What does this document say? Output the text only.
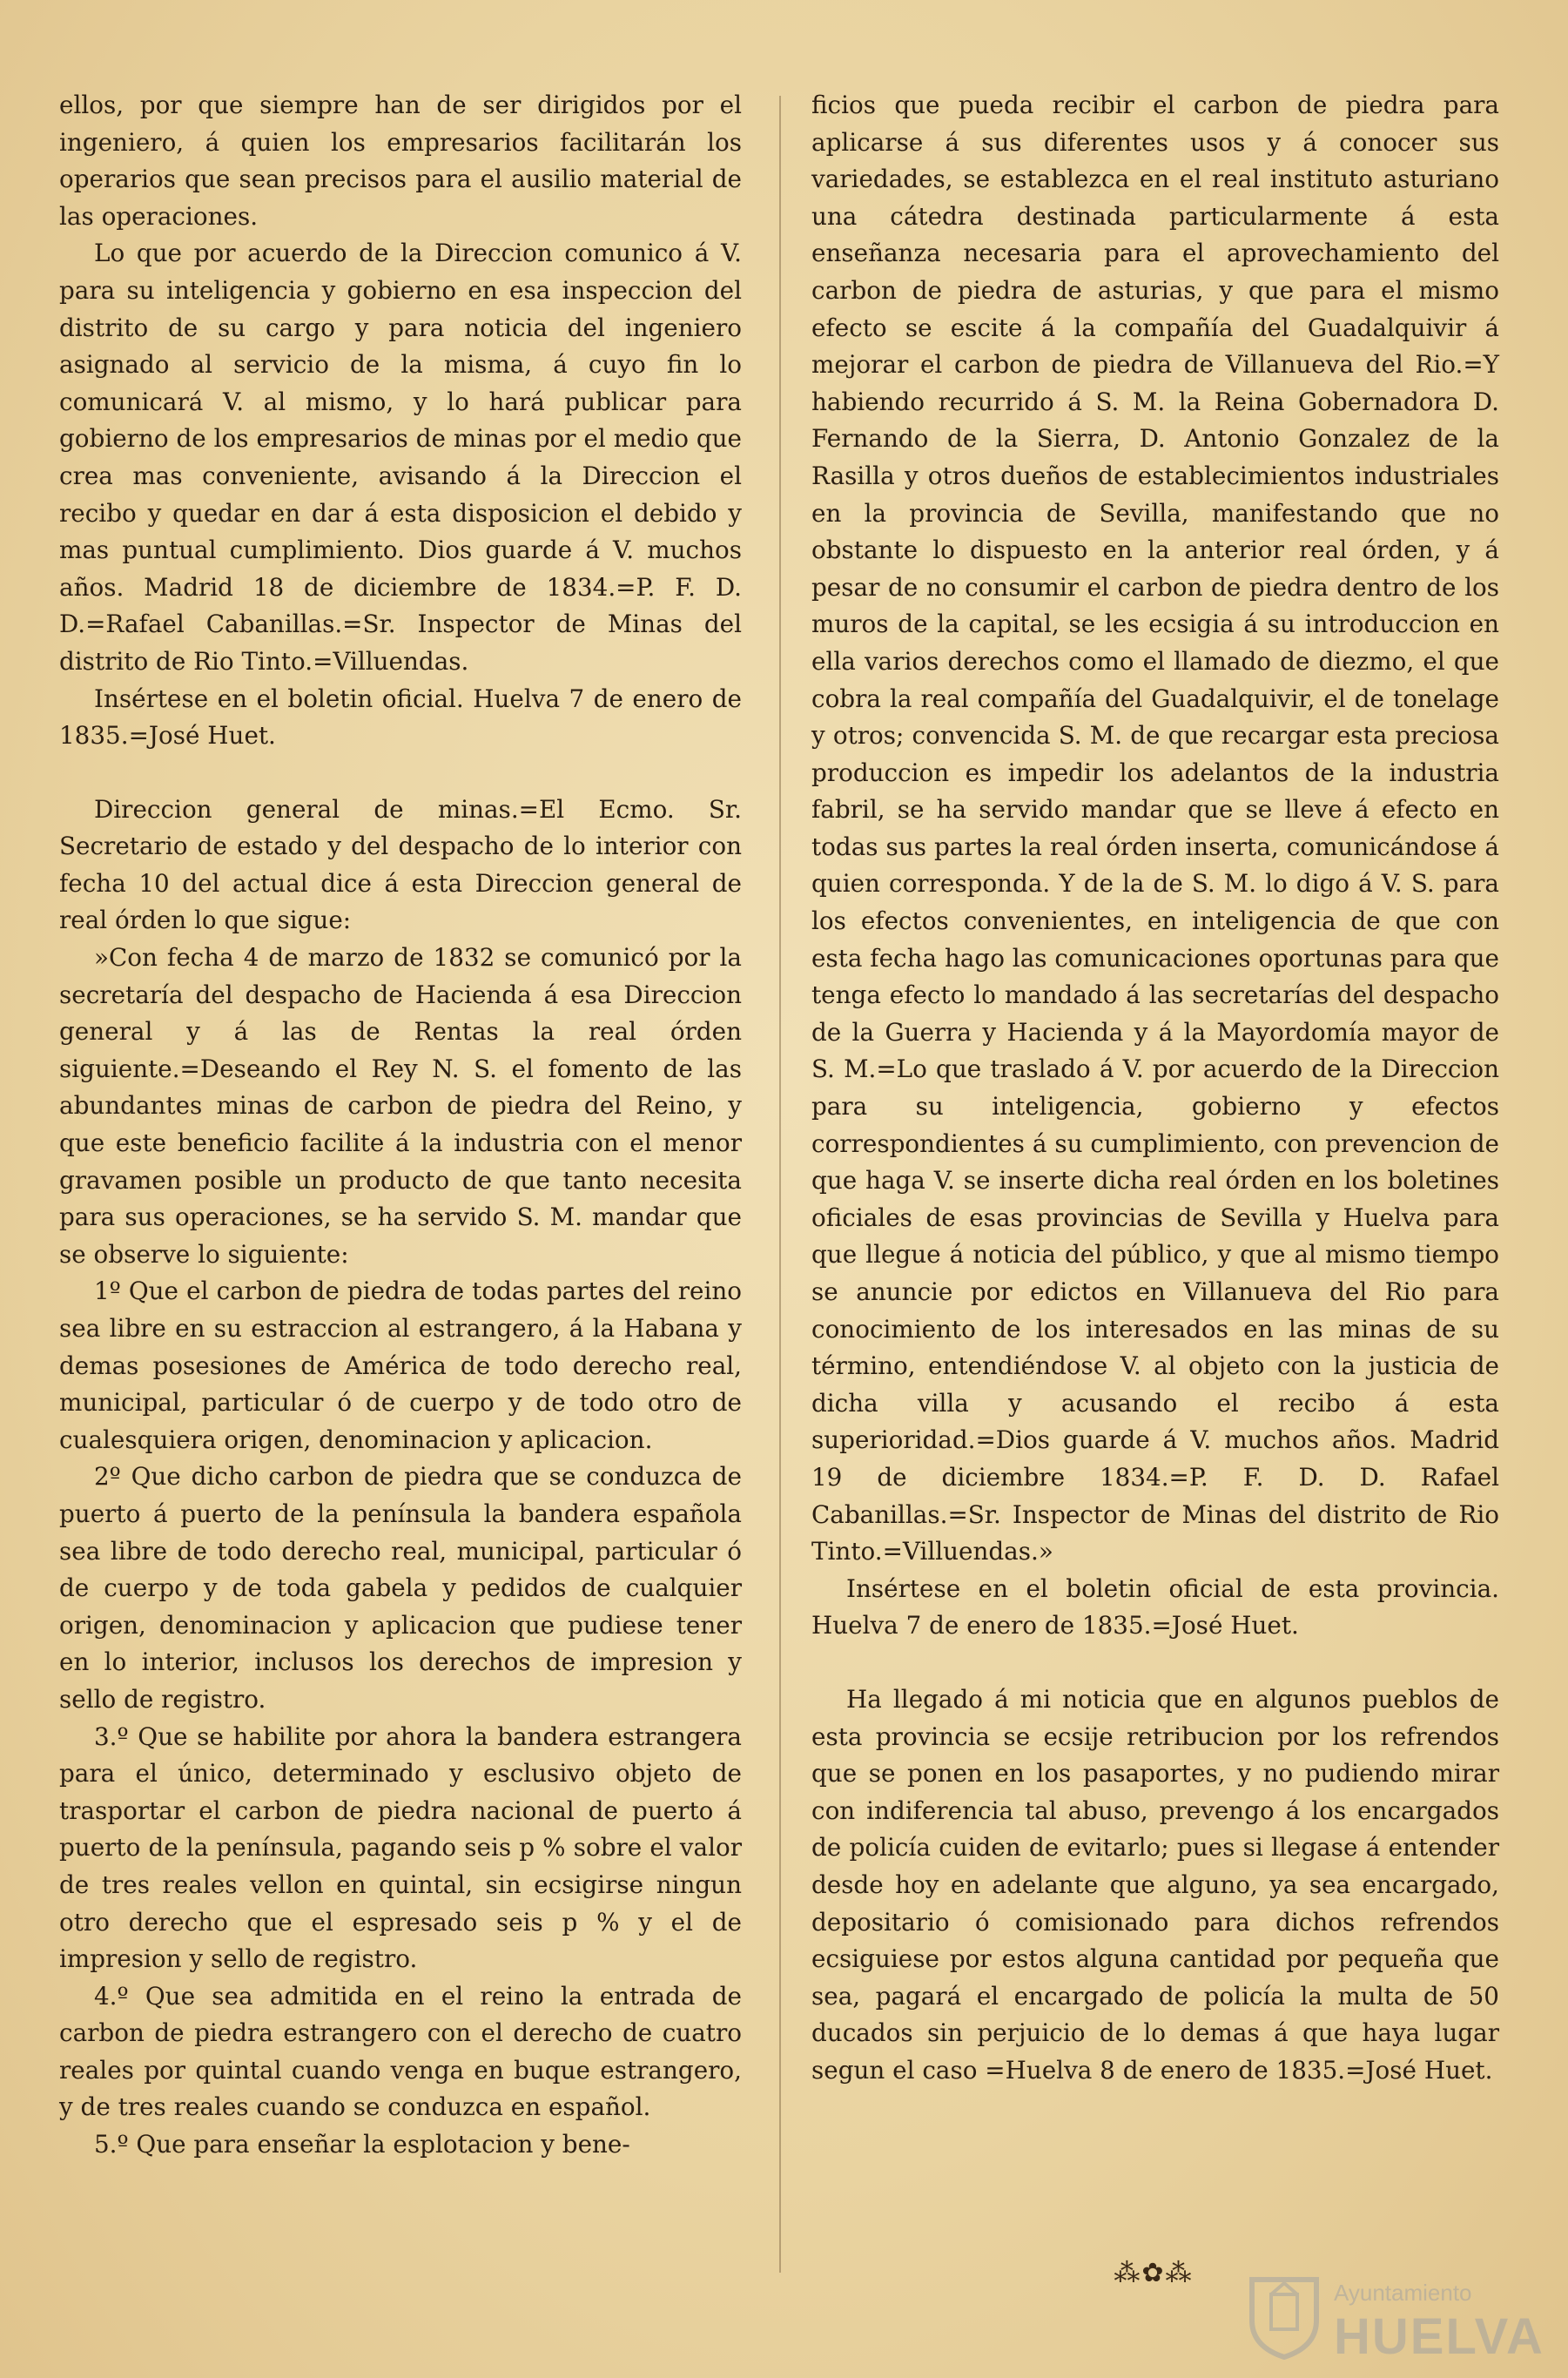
ellos, por que siempre han de ser dirigidos por el ingeniero, á quien los empresarios facilitarán los operarios que sean precisos para el ausilio material de las operaciones.

Lo que por acuerdo de la Direccion comunico á V. para su inteligencia y gobierno en esa inspeccion del distrito de su cargo y para noticia del ingeniero asignado al servicio de la misma, á cuyo fin lo comunicará V. al mismo, y lo hará publicar para gobierno de los empresarios de minas por el medio que crea mas conveniente, avisando á la Direccion el recibo y quedar en dar á esta disposicion el debido y mas puntual cumplimiento. Dios guarde á V. muchos años. Madrid 18 de diciembre de 1834.=P. F. D. D.=Rafael Cabanillas.=Sr. Inspector de Minas del distrito de Rio Tinto.=Villuendas.

Insértese en el boletin oficial. Huelva 7 de enero de 1835.=José Huet.

Direccion general de minas.=El Ecmo. Sr. Secretario de estado y del despacho de lo interior con fecha 10 del actual dice á esta Direccion general de real órden lo que sigue:

»Con fecha 4 de marzo de 1832 se comunicó por la secretaría del despacho de Hacienda á esa Direccion general y á las de Rentas la real órden siguiente.=Deseando el Rey N. S. el fomento de las abundantes minas de carbon de piedra del Reino, y que este beneficio facilite á la industria con el menor gravamen posible un producto de que tanto necesita para sus operaciones, se ha servido S. M. mandar que se observe lo siguiente:

1º Que el carbon de piedra de todas partes del reino sea libre en su estraccion al estrangero, á la Habana y demas posesiones de América de todo derecho real, municipal, particular ó de cuerpo y de todo otro de cualesquiera origen, denominacion y aplicacion.

2º Que dicho carbon de piedra que se conduzca de puerto á puerto de la península la bandera española sea libre de todo derecho real, municipal, particular ó de cuerpo y de toda gabela y pedidos de cualquier origen, denominacion y aplicacion que pudiese tener en lo interior, inclusos los derechos de impresion y sello de registro.

3.º Que se habilite por ahora la bandera estrangera para el único, determinado y esclusivo objeto de trasportar el carbon de piedra nacional de puerto á puerto de la península, pagando seis p % sobre el valor de tres reales vellon en quintal, sin ecsigirse ningun otro derecho que el espresado seis p % y el de impresion y sello de registro.

4.º Que sea admitida en el reino la entrada de carbon de piedra estrangero con el derecho de cuatro reales por quintal cuando venga en buque estrangero, y de tres reales cuando se conduzca en español.

5.º Que para enseñar la esplotacion y bene-

ficios que pueda recibir el carbon de piedra para aplicarse á sus diferentes usos y á conocer sus variedades, se establezca en el real instituto asturiano una cátedra destinada particularmente á esta enseñanza necesaria para el aprovechamiento del carbon de piedra de asturias, y que para el mismo efecto se escite á la compañía del Guadalquivir á mejorar el carbon de piedra de Villanueva del Rio.=Y habiendo recurrido á S. M. la Reina Gobernadora D. Fernando de la Sierra, D. Antonio Gonzalez de la Rasilla y otros dueños de establecimientos industriales en la provincia de Sevilla, manifestando que no obstante lo dispuesto en la anterior real órden, y á pesar de no consumir el carbon de piedra dentro de los muros de la capital, se les ecsigia á su introduccion en ella varios derechos como el llamado de diezmo, el que cobra la real compañía del Guadalquivir, el de tonelage y otros; convencida S. M. de que recargar esta preciosa produccion es impedir los adelantos de la industria fabril, se ha servido mandar que se lleve á efecto en todas sus partes la real órden inserta, comunicándose á quien corresponda. Y de la de S. M. lo digo á V. S. para los efectos convenientes, en inteligencia de que con esta fecha hago las comunicaciones oportunas para que tenga efecto lo mandado á las secretarías del despacho de la Guerra y Hacienda y á la Mayordomía mayor de S. M.=Lo que traslado á V. por acuerdo de la Direccion para su inteligencia, gobierno y efectos correspondientes á su cumplimiento, con prevencion de que haga V. se inserte dicha real órden en los boletines oficiales de esas provincias de Sevilla y Huelva para que llegue á noticia del público, y que al mismo tiempo se anuncie por edictos en Villanueva del Rio para conocimiento de los interesados en las minas de su término, entendiéndose V. al objeto con la justicia de dicha villa y acusando el recibo á esta superioridad.=Dios guarde á V. muchos años. Madrid 19 de diciembre 1834.=P. F. D. D. Rafael Cabanillas.=Sr. Inspector de Minas del distrito de Rio Tinto.=Villuendas.»

Insértese en el boletin oficial de esta provincia. Huelva 7 de enero de 1835.=José Huet.

Ha llegado á mi noticia que en algunos pueblos de esta provincia se ecsije retribucion por los refrendos que se ponen en los pasaportes, y no pudiendo mirar con indiferencia tal abuso, prevengo á los encargados de policía cuiden de evitarlo; pues si llegase á entender desde hoy en adelante que alguno, ya sea encargado, depositario ó comisionado para dichos refrendos ecsiguiese por estos alguna cantidad por pequeña que sea, pagará el encargado de policía la multa de 50 ducados sin perjuicio de lo demas á que haya lugar segun el caso =Huelva 8 de enero de 1835.=José Huet.

⁂✿⁂
Ayuntamiento
HUELVA
